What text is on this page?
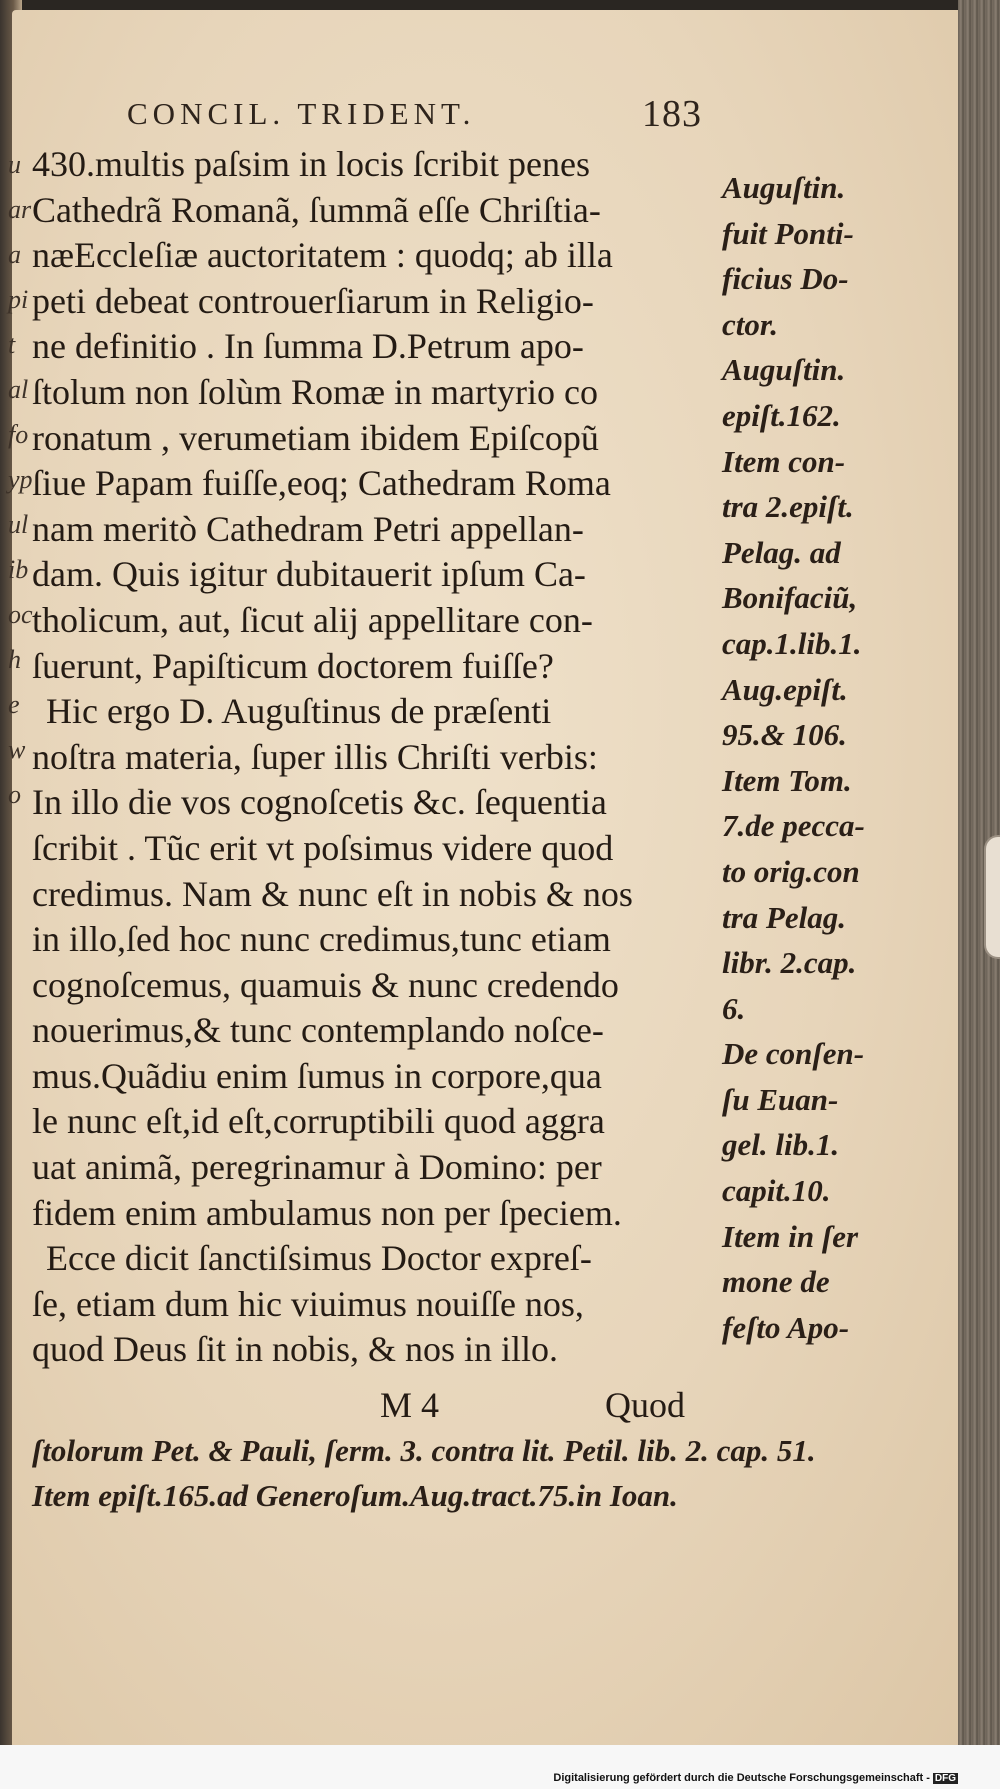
u
ar
a
pi
t
al
fo
yp
ul
ib
oc
h
e
w
o
CONCIL. TRIDENT.	183
430.multis paſsim in locis ſcribit penes
Cathedrã Romanã, ſummã eſſe Chriſtia-
næEccleſiæ auctoritatem : quodq; ab illa
peti debeat controuerſiarum in Religio-
ne definitio . In ſumma D.Petrum apo-
ſtolum non ſolùm Romæ in martyrio co
ronatum , verumetiam ibidem Epiſcopũ
ſiue Papam fuiſſe,eoq; Cathedram Roma
nam meritò Cathedram Petri appellan-
dam. Quis igitur dubitauerit ipſum Ca-
tholicum, aut, ſicut alij appellitare con-
ſuerunt, Papiſticum doctorem fuiſſe?
Hic ergo D. Auguſtinus de præſenti
noſtra materia, ſuper illis Chriſti verbis:
In illo die vos cognoſcetis &c. ſequentia
ſcribit . Tũc erit vt poſsimus videre quod
credimus. Nam & nunc eſt in nobis & nos
in illo,ſed hoc nunc credimus,tunc etiam
cognoſcemus, quamuis & nunc credendo
nouerimus,& tunc contemplando noſce-
mus.Quãdiu enim ſumus in corpore,qua
le nunc eſt,id eſt,corruptibili quod aggra
uat animã, peregrinamur à Domino: per
fidem enim ambulamus non per ſpeciem.
Ecce dicit ſanctiſsimus Doctor expreſ-
ſe, etiam dum hic viuimus nouiſſe nos,
quod Deus ſit in nobis, & nos in illo.
M 4	Quod
Auguſtin.
fuit Ponti-
ficius Do-
ctor.
Auguſtin.
epiſt.162.
Item con-
tra 2.epiſt.
Pelag. ad
Bonifaciũ,
cap.1.lib.1.
Aug.epiſt.
95.& 106.
Item Tom.
7.de pecca-
to orig.con
tra Pelag.
libr. 2.cap.
6.
De conſen-
ſu Euan-
gel. lib.1.
capit.10.
Item in ſer
mone de
feſto Apo-
ſtolorum Pet. & Pauli, ſerm. 3. contra lit. Petil. lib. 2. cap. 51.
Item epiſt.165.ad Generoſum.Aug.tract.75.in Ioan.
Digitalisierung gefördert durch die Deutsche Forschungsgemeinschaft - DFG
